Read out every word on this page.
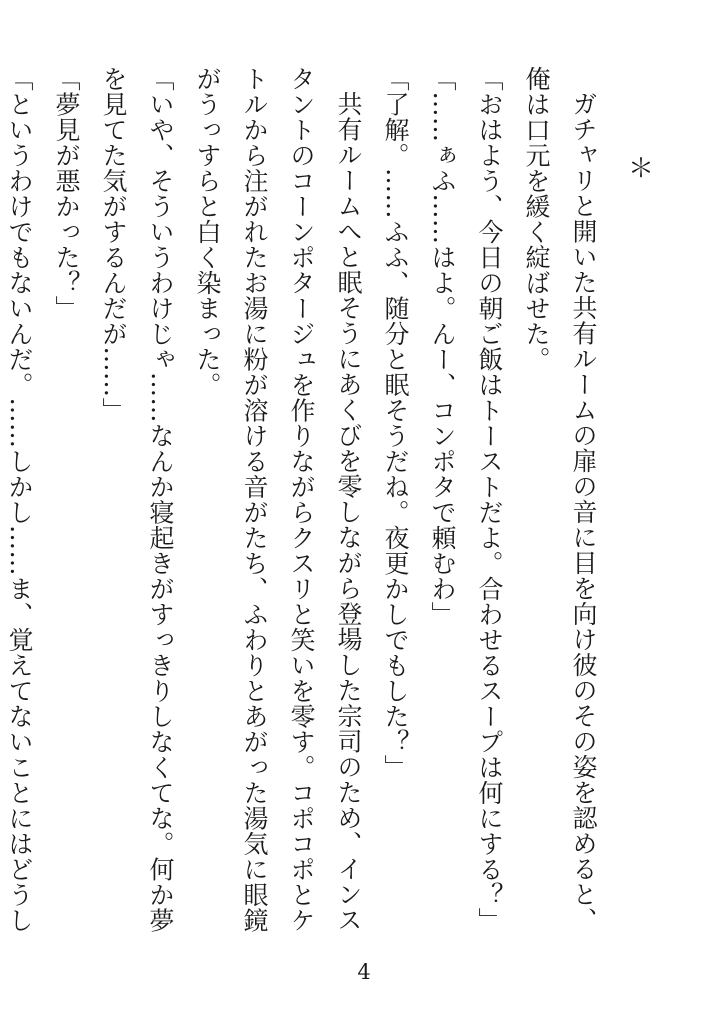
＊

ガチャリと開いた共有ルームの扉の音に目を向け彼のその姿を認めると、俺は口元を緩く綻ばせた。

「おはよう、今日の朝ご飯はトーストだよ。合わせるスープは何にする？」

「……ぁふ……はよ。んー、コンポタで頼むわ」

「了解。……ふふ、随分と眠そうだね。夜更かしでもした？」

共有ルームへと眠そうにあくびを零しながら登場した宗司のため、インスタントのコーンポタージュを作りながらクスリと笑いを零す。コポコポとケトルから注がれたお湯に粉が溶ける音がたち、ふわりとあがった湯気に眼鏡がうっすらと白く染まった。

「いや、そういうわけじゃ……なんか寝起きがすっきりしなくてな。何か夢を見てた気がするんだが……」

「夢見が悪かった？」

「というわけでもないんだ。……しかし……ま、覚えてないことにはどうし

4
